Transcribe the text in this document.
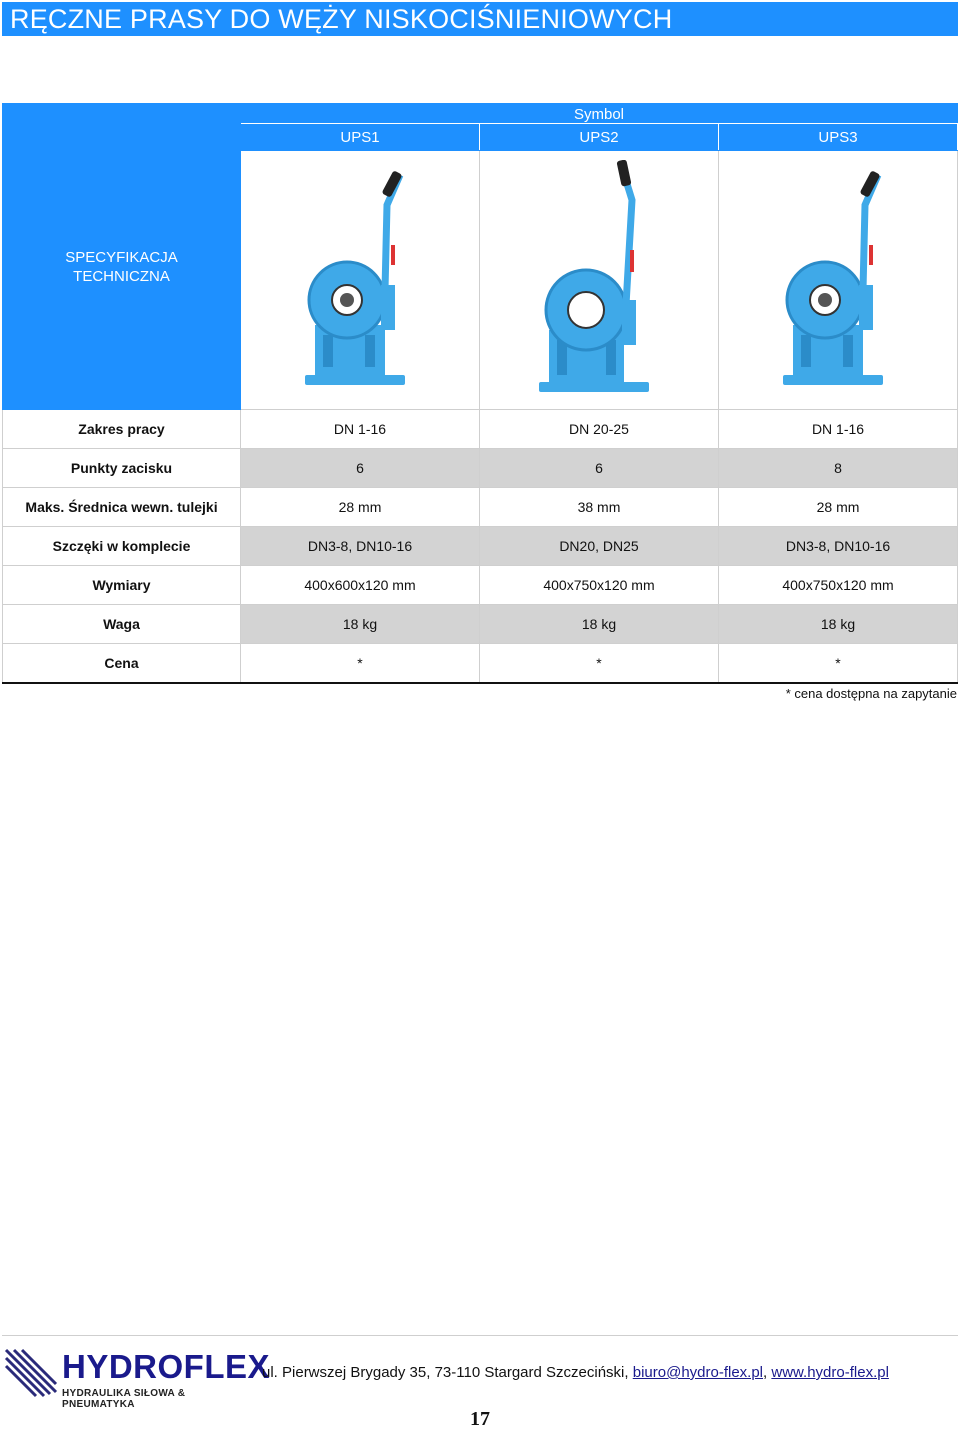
RĘCZNE PRASY DO WĘŻY NISKOCIŚNIENIOWYCH
SPECYFIKACJA
TECHNICZNA	Symbol		
	UPS1	UPS2	UPS3

Zakres pracy	DN 1-16	DN 20-25	DN 1-16
Punkty zacisku	6	6	8
Maks. Średnica wewn. tulejki	28 mm	38 mm	28 mm
Szczęki w komplecie	DN3-8, DN10-16	DN20, DN25	DN3-8, DN10-16
Wymiary	400x600x120 mm	400x750x120 mm	400x750x120 mm
Waga	18 kg	18 kg	18 kg
Cena	*	*	*
* cena dostępna na zapytanie
HYDROFLEX
HYDRAULIKA SIŁOWA & PNEUMATYKA
ul. Pierwszej Brygady 35, 73-110 Stargard Szczeciński, biuro@hydro-flex.pl, www.hydro-flex.pl
17
